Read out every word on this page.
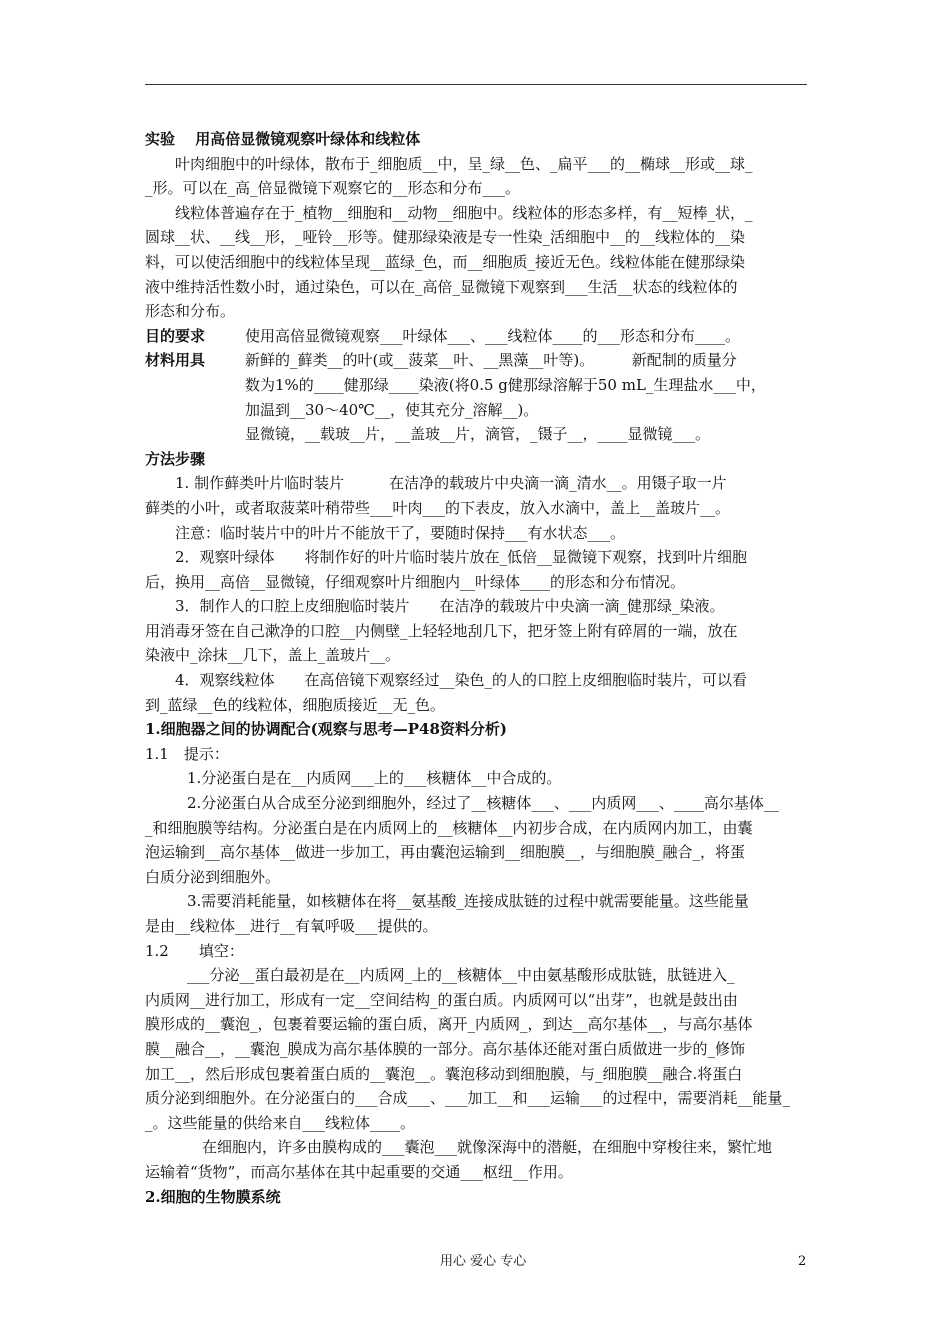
实验　 用高倍显微镜观察叶绿体和线粒体
叶肉细胞中的叶绿体，散布于_细胞质__中，呈_绿__色、_扁平___的__椭球__形或__球_
_形。可以在_高_倍显微镜下观察它的__形态和分布___。
线粒体普遍存在于_植物__细胞和__动物__细胞中。线粒体的形态多样，有__短棒_状，_
圆球__状、__线__形，_哑铃__形等。健那绿染液是专一性染_活细胞中__的__线粒体的__染
料，可以使活细胞中的线粒体呈现__蓝绿_色，而__细胞质_接近无色。线粒体能在健那绿染
液中维持活性数小时，通过染色，可以在_高倍_显微镜下观察到___生活__状态的线粒体的
形态和分布。
目的要求	使用高倍显微镜观察___叶绿体___、___线粒体____的___形态和分布____。
材料用具	新鲜的_藓类__的叶(或__菠菜__叶、__黑藻__叶等)。　　　新配制的质量分
数为1%的____健那绿____染液(将0.5 g健那绿溶解于50 mL_生理盐水___中，
加温到__30～40℃__，使其充分_溶解__)。
显微镜，__载玻__片，__盖玻__片，滴管，_镊子__，____显微镜___。
方法步骤
1. 制作藓类叶片临时装片　　　在洁净的载玻片中央滴一滴_清水__。用镊子取一片
藓类的小叶，或者取菠菜叶稍带些___叶肉___的下表皮，放入水滴中，盖上__盖玻片__。
注意：临时装片中的叶片不能放干了，要随时保持___有水状态___。
2．观察叶绿体　　将制作好的叶片临时装片放在_低倍__显微镜下观察，找到叶片细胞
后，换用__高倍__显微镜，仔细观察叶片细胞内__叶绿体____的形态和分布情况。
3．制作人的口腔上皮细胞临时装片　　在洁净的载玻片中央滴一滴_健那绿_染液。
用消毒牙签在自己漱净的口腔__内侧壁_上轻轻地刮几下，把牙签上附有碎屑的一端，放在
染液中_涂抹__几下，盖上_盖玻片__。
4．观察线粒体　　在高倍镜下观察经过__染色_的人的口腔上皮细胞临时装片，可以看
到_蓝绿__色的线粒体，细胞质接近__无_色。
1.细胞器之间的协调配合(观察与思考—P48资料分析)
1.1　提示：
1.分泌蛋白是在__内质网___上的___核糖体__中合成的。
2.分泌蛋白从合成至分泌到细胞外，经过了__核糖体___、___内质网___、____高尔基体__
_和细胞膜等结构。分泌蛋白是在内质网上的__核糖体__内初步合成，在内质网内加工，由囊
泡运输到__高尔基体__做进一步加工，再由囊泡运输到__细胞膜__，与细胞膜_融合_，将蛋
白质分泌到细胞外。
3.需要消耗能量，如核糖体在将__氨基酸_连接成肽链的过程中就需要能量。这些能量
是由__线粒体__进行__有氧呼吸___提供的。
1.2　　填空：
___分泌__蛋白最初是在__内质网_上的__核糖体__中由氨基酸形成肽链，肽链进入_
内质网__进行加工，形成有一定__空间结构_的蛋白质。内质网可以“出芽”，也就是鼓出由
膜形成的__囊泡_，包裹着要运输的蛋白质，离开_内质网_，到达__高尔基体__，与高尔基体
膜__融合__，__囊泡_膜成为高尔基体膜的一部分。高尔基体还能对蛋白质做进一步的_修饰
加工__，然后形成包裹着蛋白质的__囊泡__。囊泡移动到细胞膜，与_细胞膜__融合.将蛋白
质分泌到细胞外。在分泌蛋白的___合成___、___加工__和___运输___的过程中，需要消耗__能量_
_。这些能量的供给来自___线粒体____。
　在细胞内，许多由膜构成的___囊泡___就像深海中的潜艇，在细胞中穿梭往来，繁忙地
运输着“货物”，而高尔基体在其中起重要的交通___枢纽__作用。
2.细胞的生物膜系统
用心 爱心 专心	2
